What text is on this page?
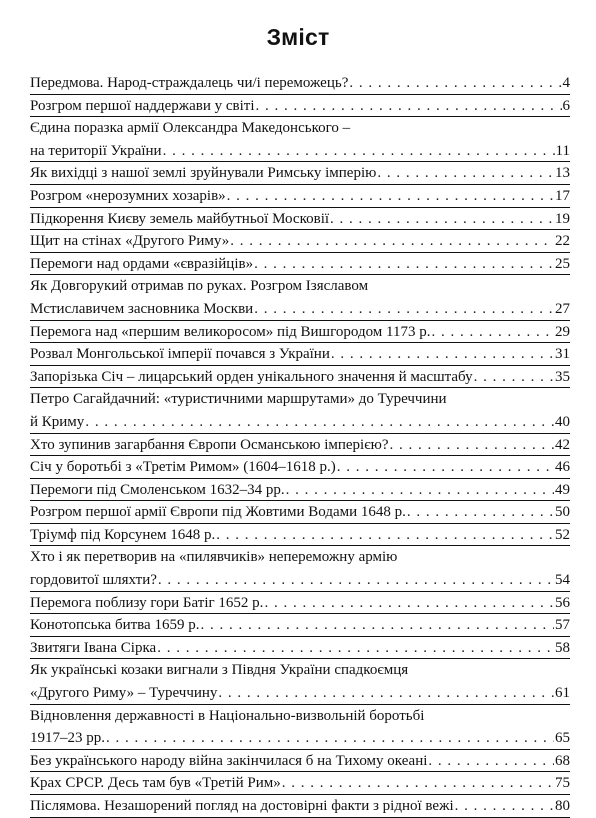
Зміст
Передмова. Народ-страждалець чи/і переможець? . . .	4
Розгром першої наддержави у світі . . .	6
Єдина поразка армії Олександра Македонського –
на території України . . .	11
Як вихідці з нашої землі зруйнували Римську імперію . . .	13
Розгром «нерозумних хозарів» . . .	17
Підкорення Києву земель майбутньої Московії . . .	19
Щит на стінах «Другого Риму» . . .	22
Перемоги над ордами «євразійців» . . .	25
Як Довгорукий отримав по руках. Розгром Ізяславом
Мстиславичем засновника Москви . . .	27
Перемога над «першим великоросом» під Вишгородом 1173 р. . . .	29
Розвал Монгольської імперії почався з України . . .	31
Запорізька Січ – лицарський орден унікального значення й масштабу . . .	35
Петро Сагайдачний: «туристичними маршрутами» до Туреччини
й Криму . . .	40
Хто зупинив загарбання Європи Османською імперією? . . .	42
Січ у боротьбі з «Третім Римом» (1604–1618 р.) . . .	46
Перемоги під Смоленськом 1632–34 рр. . . .	49
Розгром першої армії Європи під Жовтими Водами 1648 р. . . .	50
Тріумф під Корсунем 1648 р. . . .	52
Хто і як перетворив на «пилявчиків» непереможну армію
гордовитої шляхти? . . .	54
Перемога поблизу гори Батіг 1652 р. . . .	56
Конотопська битва 1659 р. . . .	57
Звитяги Івана Сірка . . .	58
Як українські козаки вигнали з Півдня України спадкоємця
«Другого Риму» – Туреччину . . .	61
Відновлення державності в Національно-визвольній боротьбі
1917–23 рр. . . .	65
Без українського народу війна закінчилася б на Тихому океані . . .	68
Крах СРСР. Десь там був «Третій Рим» . . .	75
Післямова. Незашорений погляд на достовірні факти з рідної вежі . . .	80
